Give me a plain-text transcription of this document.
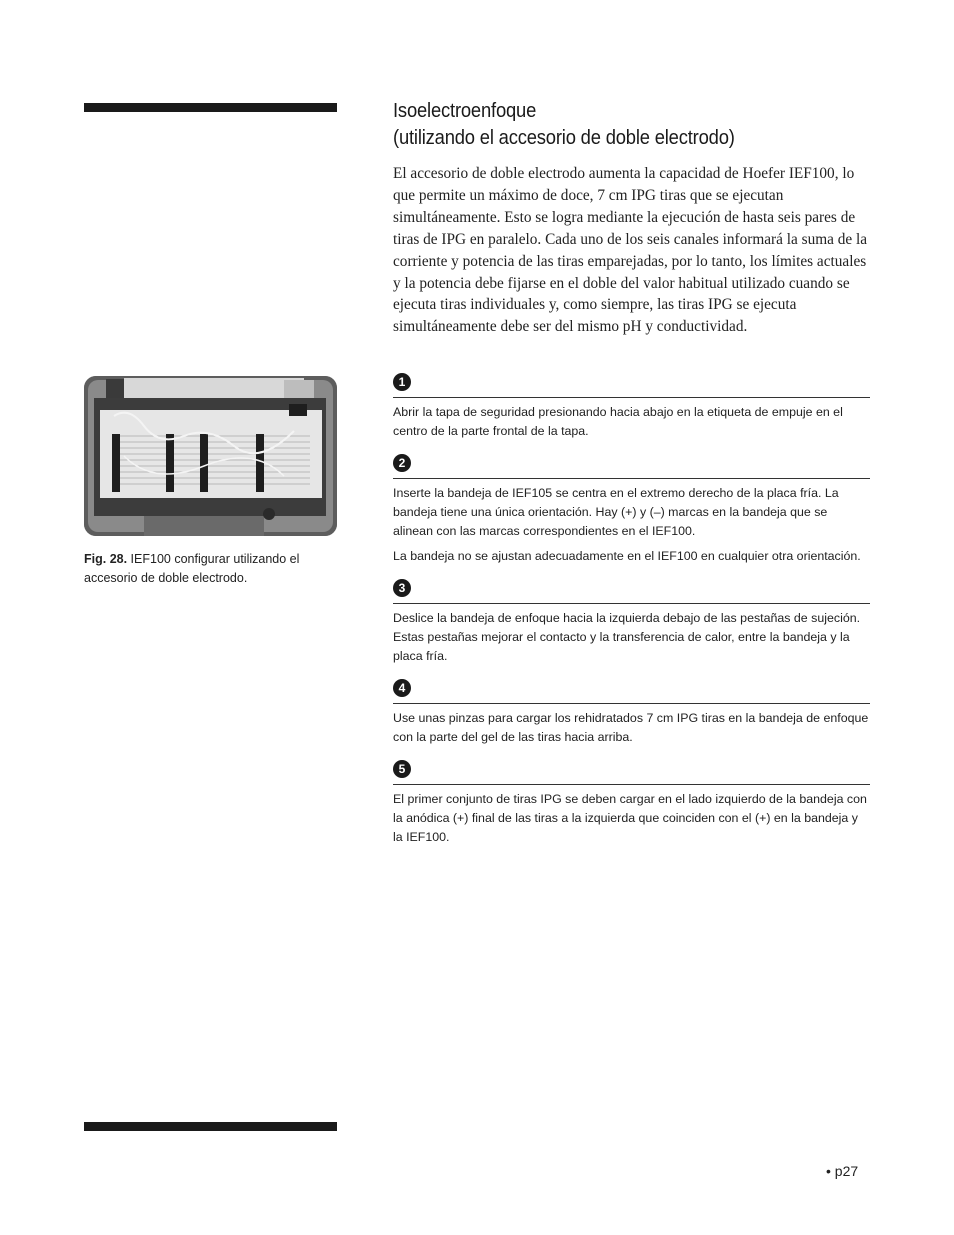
Isoelectroenfoque
(utilizando el accesorio de doble electrodo)

El accesorio de doble electrodo aumenta la capacidad de Hoefer IEF100, lo que permite un máximo de doce, 7 cm IPG tiras que se ejecutan simultáneamente. Esto se logra mediante la ejecución de hasta seis pares de tiras de IPG en paralelo. Cada uno de los seis canales informará la suma de la corriente y potencia de las tiras emparejadas, por lo tanto, los límites actuales y la potencia debe fijarse en el doble del valor habitual utilizado cuando se ejecuta tiras individuales y, como siempre, las tiras IPG se ejecuta simultáneamente debe ser del mismo pH y conductividad.

Fig. 28. IEF100 configurar utilizando el accesorio de doble electrodo.
1

Abrir la tapa de seguridad presionando hacia abajo en la etiqueta de empuje en el centro de la parte frontal de la tapa.

2

Inserte la bandeja de IEF105 se centra en el extremo derecho de la placa fría. La bandeja tiene una única orientación. Hay (+) y (–) marcas en la bandeja que se alinean con las marcas correspondientes en el IEF100.

La bandeja no se ajustan adecuadamente en el IEF100 en cualquier otra orientación.

3

Deslice la bandeja de enfoque hacia la izquierda debajo de las pestañas de sujeción. Estas pestañas mejorar el contacto y la transferencia de calor, entre la bandeja y la placa fría.

4

Use unas pinzas para cargar los rehidratados 7 cm IPG tiras en la bandeja de enfoque con la parte del gel de las tiras hacia arriba.

5

El primer conjunto de tiras IPG se deben cargar en el lado izquierdo de la bandeja con la anódica (+) final de las tiras a la izquierda que coinciden con el (+) en la bandeja y la IEF100.

• p27
